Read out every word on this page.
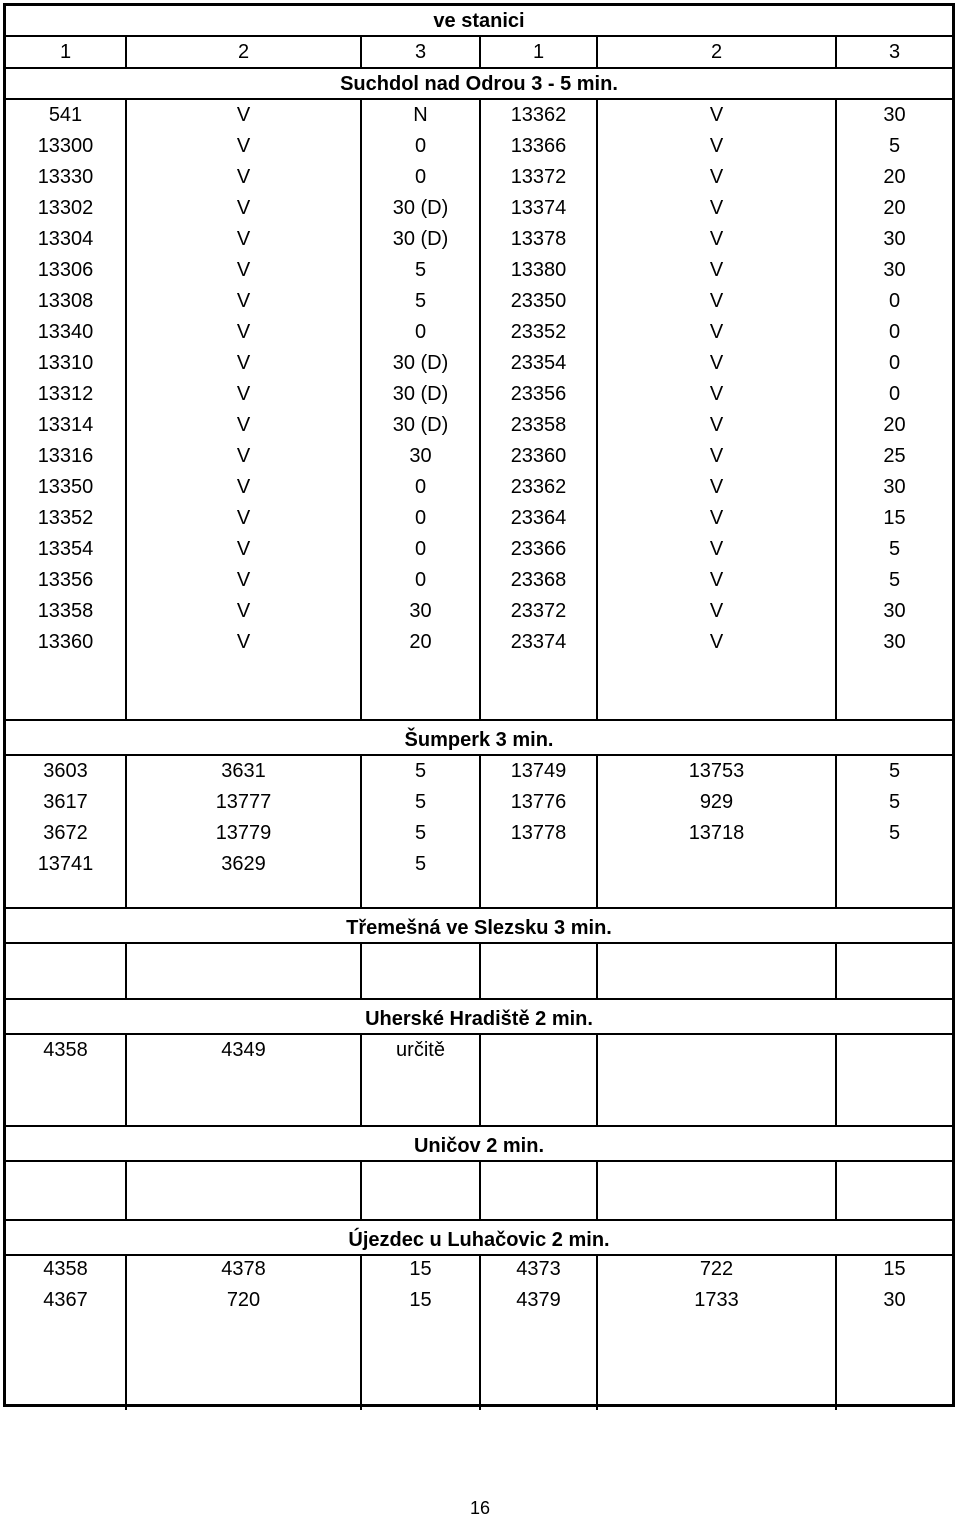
ve stanici
1	2	3	1	2	3
Suchdol nad Odrou 3 - 5 min.
541	V	N	13362	V	30
13300	V	0	13366	V	5
13330	V	0	13372	V	20
13302	V	30 (D)	13374	V	20
13304	V	30 (D)	13378	V	30
13306	V	5	13380	V	30
13308	V	5	23350	V	0
13340	V	0	23352	V	0
13310	V	30 (D)	23354	V	0
13312	V	30 (D)	23356	V	0
13314	V	30 (D)	23358	V	20
13316	V	30	23360	V	25
13350	V	0	23362	V	30
13352	V	0	23364	V	15
13354	V	0	23366	V	5
13356	V	0	23368	V	5
13358	V	30	23372	V	30
13360	V	20	23374	V	30
Šumperk 3 min.
3603	3631	5	13749	13753	5
3617	13777	5	13776	929	5
3672	13779	5	13778	13718	5
13741	3629	5
Třemešná ve Slezsku 3 min.
Uherské Hradiště 2 min.
4358	4349	určitě
Uničov 2 min.
Újezdec u Luhačovic 2 min.
4358	4378	15	4373	722	15
4367	720	15	4379	1733	30
16
